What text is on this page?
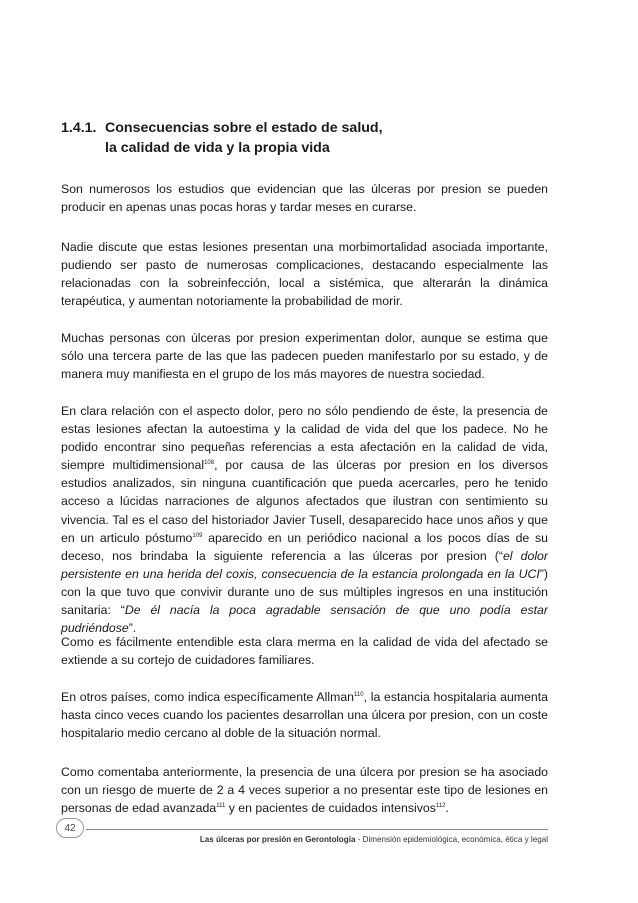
1.4.1. Consecuencias sobre el estado de salud,
la calidad de vida y la propia vida

Son numerosos los estudios que evidencian que las úlceras por presion se pueden producir en apenas unas pocas horas y tardar meses en curarse.

Nadie discute que estas lesiones presentan una morbimortalidad asociada importante, pudiendo ser pasto de numerosas complicaciones, destacando especialmente las relacionadas con la sobreinfección, local a sistémica, que alterarán la dinámica terapéutica, y aumentan notoriamente la probabilidad de morir.

Muchas personas con úlceras por presion experimentan dolor, aunque se estima que sólo una tercera parte de las que las padecen pueden manifestarlo por su estado, y de manera muy manifiesta en el grupo de los más mayores de nuestra sociedad.

En clara relación con el aspecto dolor, pero no sólo pendiendo de éste, la presencia de estas lesiones afectan la autoestima y la calidad de vida del que los padece. No he podido encontrar sino pequeñas referencias a esta afectación en la calidad de vida, siempre multidimensional$^{108}$, por causa de las úlceras por presion en los diversos estudios analizados, sin ninguna cuantificación que pueda acercarles, pero he tenido acceso a lúcidas narraciones de algunos afectados que ilustran con sentimiento su vivencia. Tal es el caso del historiador Javier Tusell, desaparecido hace unos años y que en un articulo póstumo$^{109}$ aparecido en un periódico nacional a los pocos días de su deceso, nos brindaba la siguiente referencia a las úlceras por presion (“el dolor persistente en una herida del coxis, consecuencia de la estancia prolongada en la UCI”) con la que tuvo que convivir durante uno de sus múltiples ingresos en una institución sanitaria: “De él nacía la poca agradable sensación de que uno podía estar pudriéndose”.

Como es fácilmente entendible esta clara merma en la calidad de vida del afectado se extiende a su cortejo de cuidadores familiares.

En otros países, como indica específicamente Allman$^{110}$, la estancia hospitalaria aumenta hasta cinco veces cuando los pacientes desarrollan una úlcera por presion, con un coste hospitalario medio cercano al doble de la situación normal.

Como comentaba anteriormente, la presencia de una úlcera por presion se ha asociado con un riesgo de muerte de 2 a 4 veces superior a no presentar este tipo de lesiones en personas de edad avanzada$^{111}$ y en pacientes de cuidados intensivos$^{112}$.

42
Las úlceras por presión en Gerontología - Dimensión epidemiológica, económica, ética y legal
